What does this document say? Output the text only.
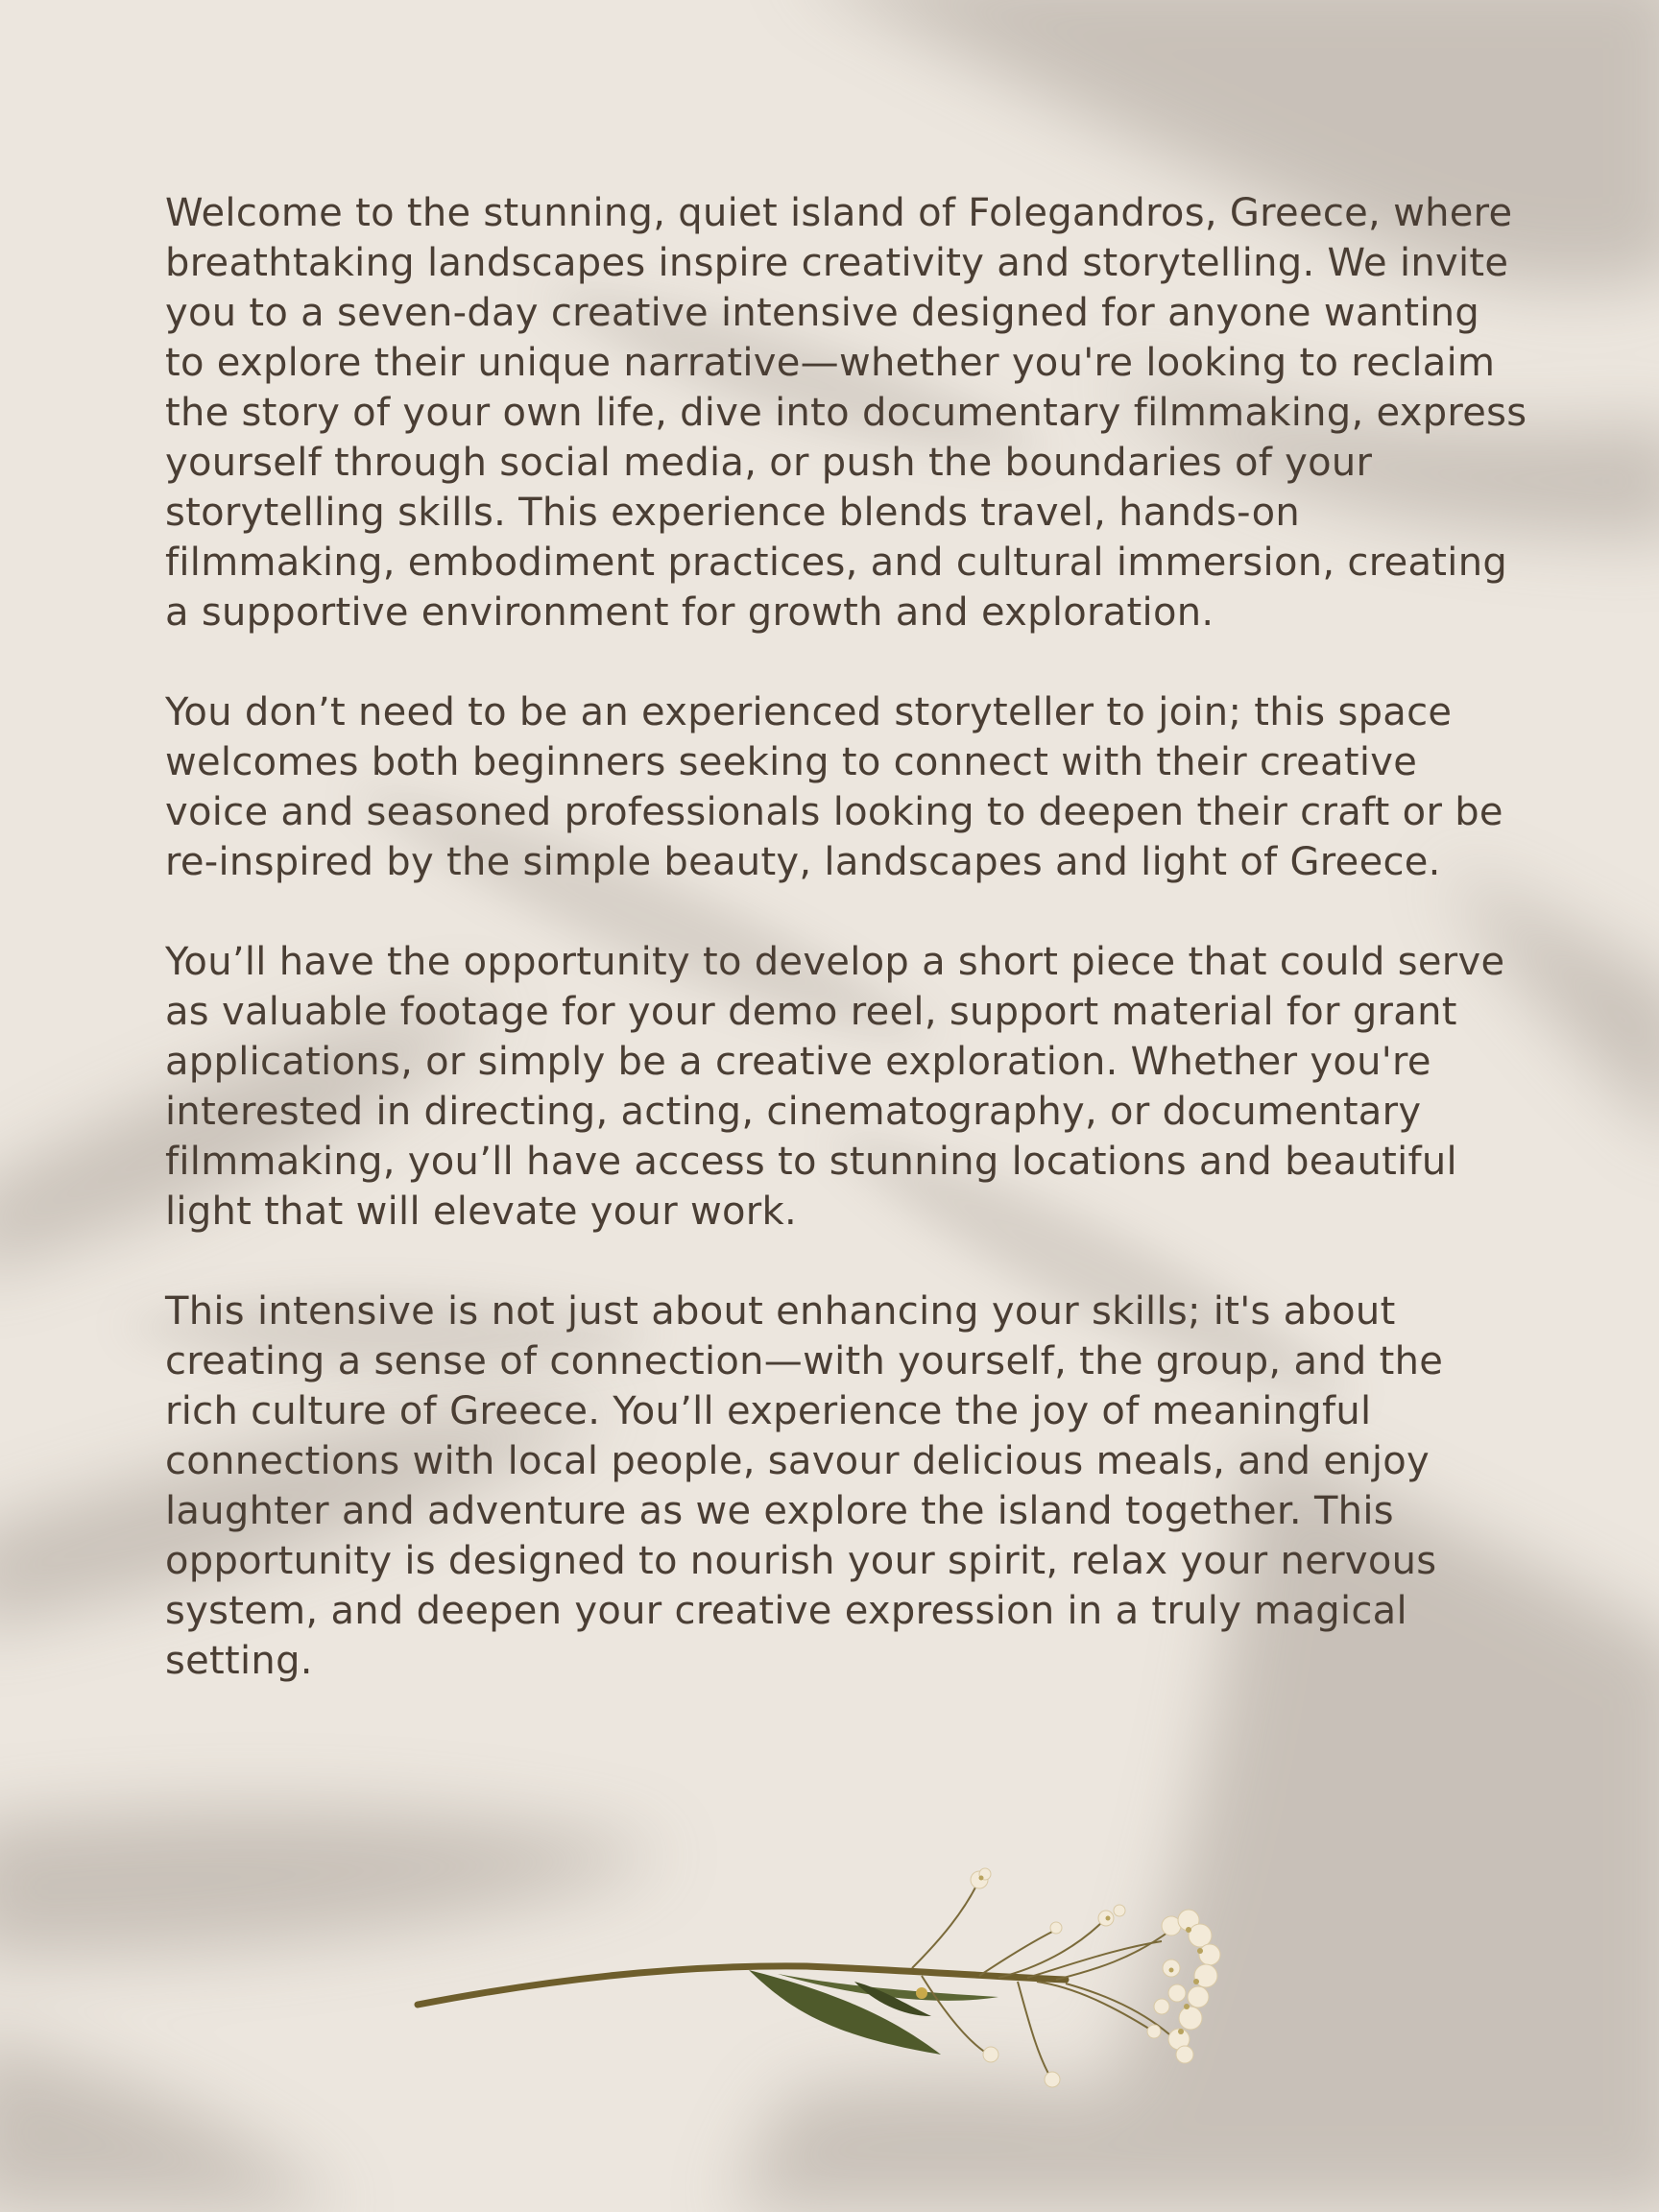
Welcome to the stunning, quiet island of Folegandros, Greece, where breathtaking landscapes inspire creativity and storytelling. We invite you to a seven-day creative intensive designed for anyone wanting to explore their unique narrative—whether you're looking to reclaim the story of your own life, dive into documentary filmmaking, express yourself through social media, or push the boundaries of your storytelling skills. This experience blends travel, hands-on filmmaking, embodiment practices, and cultural immersion, creating a supportive environment for growth and exploration.

You don’t need to be an experienced storyteller to join; this space welcomes both beginners seeking to connect with their creative voice and seasoned professionals looking to deepen their craft or be re-inspired by the simple beauty, landscapes and light of Greece.

You’ll have the opportunity to develop a short piece that could serve as valuable footage for your demo reel, support material for grant applications, or simply be a creative exploration. Whether you're interested in directing, acting, cinematography, or documentary filmmaking, you’ll have access to stunning locations and beautiful light that will elevate your work.

This intensive is not just about enhancing your skills; it's about creating a sense of connection—with yourself, the group, and the rich culture of Greece. You’ll experience the joy of meaningful connections with local people, savour delicious meals, and enjoy laughter and adventure as we explore the island together. This opportunity is designed to nourish your spirit, relax your nervous system, and deepen your creative expression in a truly magical setting.
